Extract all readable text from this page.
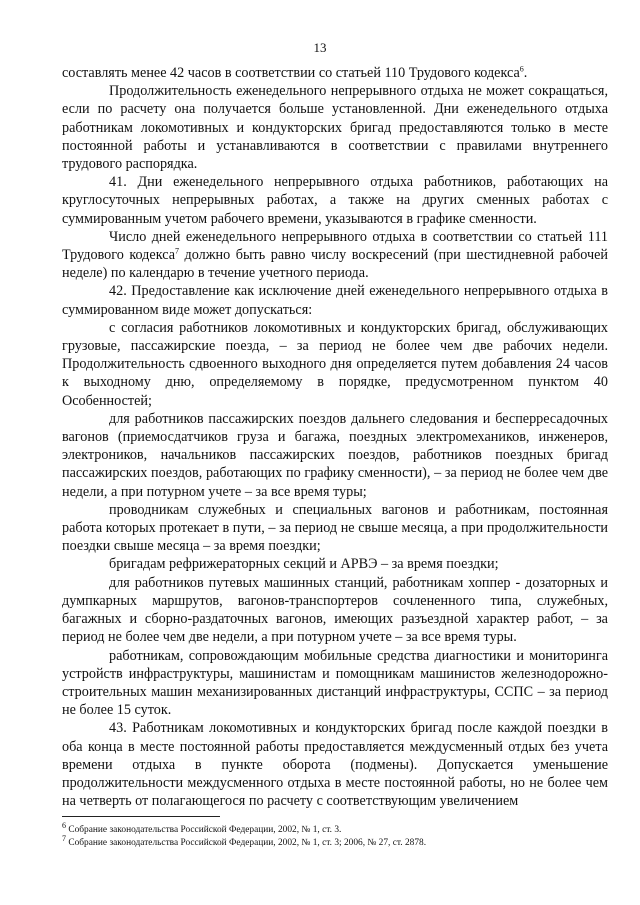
13

составлять менее 42 часов в соответствии со статьей 110 Трудового кодекса$^6$.

Продолжительность еженедельного непрерывного отдыха не может сокращаться, если по расчету она получается больше установленной. Дни еженедельного отдыха работникам локомотивных и кондукторских бригад предоставляются только в месте постоянной работы и устанавливаются в соответствии с правилами внутреннего трудового распорядка.

41. Дни еженедельного непрерывного отдыха работников, работающих на круглосуточных непрерывных работах, а также на других сменных работах с суммированным учетом рабочего времени, указываются в графике сменности.

Число дней еженедельного непрерывного отдыха в соответствии со статьей 111 Трудового кодекса$^7$ должно быть равно числу воскресений (при шестидневной рабочей неделе) по календарю в течение учетного периода.

42. Предоставление как исключение дней еженедельного непрерывного отдыха в суммированном виде может допускаться:

с согласия работников локомотивных и кондукторских бригад, обслуживающих грузовые, пассажирские поезда, – за период не более чем две рабочих недели. Продолжительность сдвоенного выходного дня определяется путем добавления 24 часов к выходному дню, определяемому в порядке, предусмотренном пунктом 40 Особенностей;

для работников пассажирских поездов дальнего следования и бесперресадочных вагонов (приемосдатчиков груза и багажа, поездных электромехаников, инженеров, электроников, начальников пассажирских поездов, работников поездных бригад пассажирских поездов, работающих по графику сменности), – за период не более чем две недели, а при потурном учете – за все время туры;

проводникам служебных и специальных вагонов и работникам, постоянная работа которых протекает в пути, – за период не свыше месяца, а при продолжительности поездки свыше месяца – за время поездки;

бригадам рефрижераторных секций и АРВЭ – за время поездки;

для работников путевых машинных станций, работникам хоппер - дозаторных и думпкарных маршрутов, вагонов-транспортеров сочлененного типа, служебных, багажных и сборно-раздаточных вагонов, имеющих разъездной характер работ, – за период не более чем две недели, а при потурном учете – за все время туры.

работникам, сопровождающим мобильные средства диагностики и мониторинга устройств инфраструктуры, машинистам и помощникам машинистов железнодорожно-строительных машин механизированных дистанций инфраструктуры, ССПС – за период не более 15 суток.

43. Работникам локомотивных и кондукторских бригад после каждой поездки в оба конца в месте постоянной работы предоставляется междусменный отдых без учета времени отдыха в пункте оборота (подмены). Допускается уменьшение продолжительности междусменного отдыха в месте постоянной работы, но не более чем на четверть от полагающегося по расчету с соответствующим увеличением

$^6$ Собрание законодательства Российской Федерации, 2002, № 1, ст. 3.
$^7$ Собрание законодательства Российской Федерации, 2002, № 1, ст. 3; 2006, № 27, ст. 2878.
